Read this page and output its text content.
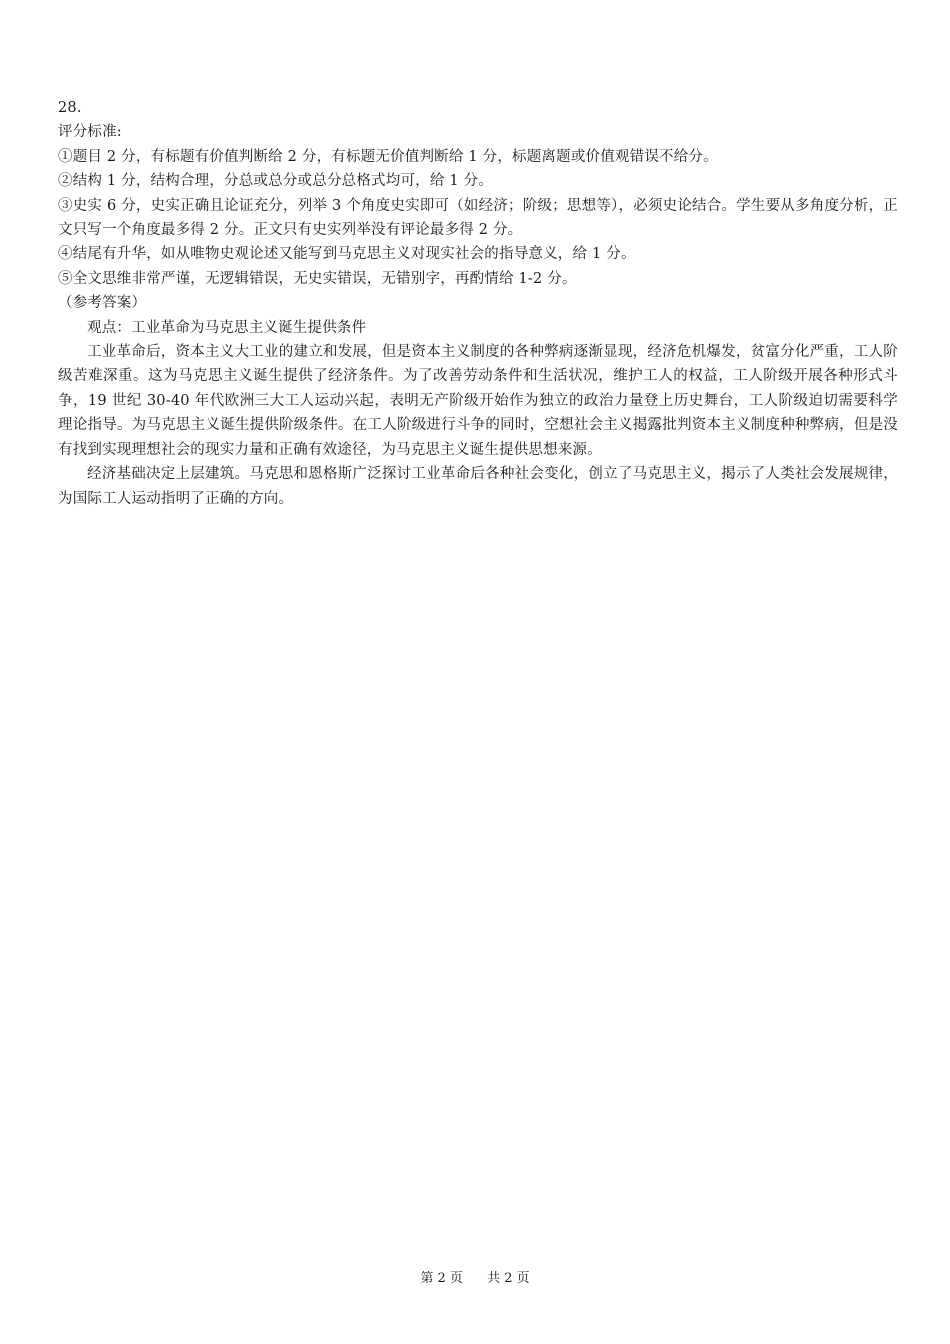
28.

评分标准:

①题目 2 分，有标题有价值判断给 2 分，有标题无价值判断给 1 分，标题离题或价值观错误不给分。

②结构 1 分，结构合理，分总或总分或总分总格式均可，给 1 分。

③史实 6 分，史实正确且论证充分，列举 3 个角度史实即可（如经济；阶级；思想等），必须史论结合。学生要从多角度分析，正文只写一个角度最多得 2 分。正文只有史实列举没有评论最多得 2 分。

④结尾有升华，如从唯物史观论述又能写到马克思主义对现实社会的指导意义，给 1 分。

⑤全文思维非常严谨，无逻辑错误，无史实错误，无错别字，再酌情给 1-2 分。

（参考答案）

观点：工业革命为马克思主义诞生提供条件

工业革命后，资本主义大工业的建立和发展，但是资本主义制度的各种弊病逐渐显现，经济危机爆发，贫富分化严重，工人阶级苦难深重。这为马克思主义诞生提供了经济条件。为了改善劳动条件和生活状况，维护工人的权益，工人阶级开展各种形式斗争，19 世纪 30-40 年代欧洲三大工人运动兴起，表明无产阶级开始作为独立的政治力量登上历史舞台，工人阶级迫切需要科学理论指导。为马克思主义诞生提供阶级条件。在工人阶级进行斗争的同时，空想社会主义揭露批判资本主义制度种种弊病，但是没有找到实现理想社会的现实力量和正确有效途径，为马克思主义诞生提供思想来源。

经济基础决定上层建筑。马克思和恩格斯广泛探讨工业革命后各种社会变化，创立了马克思主义，揭示了人类社会发展规律，为国际工人运动指明了正确的方向。

第 2 页 共 2 页
